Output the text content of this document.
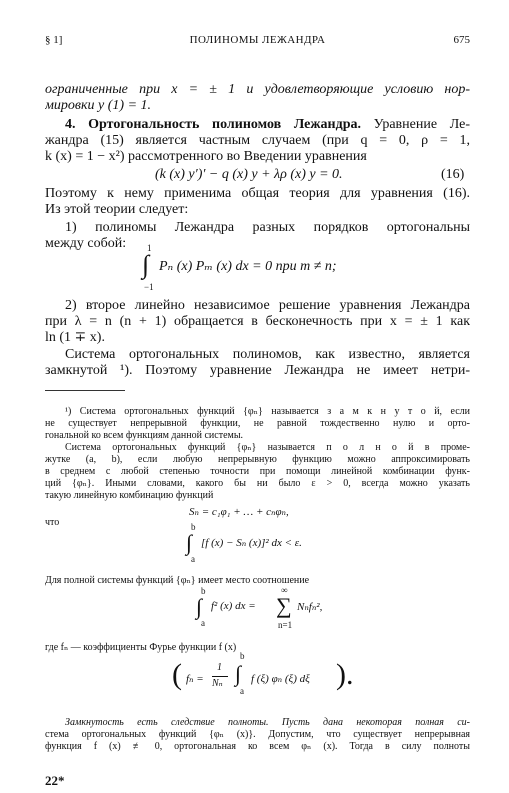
§ 1]	ПОЛИНОМЫ ЛЕЖАНДРА	675
ограниченные при x = ± 1 и удовлетворяющие условию нор-
мировки y (1) = 1.
4. Ортогональность полиномов Лежандра. Уравнение Ле-
жандра (15) является частным случаем (при q = 0, ρ = 1,
k (x) = 1 − x²) рассмотренного во Введении уравнения
(k (x) y′)′ − q (x) y + λρ (x) y = 0.	(16)
Поэтому к нему применима общая теория для уравнения (16).
Из этой теории следует:
1) полиномы Лежандра разных порядков ортогональны
между собой:	1
∫
−1
Pₙ (x) Pₘ (x) dx = 0 при m ≠ n;
2) второе линейно независимое решение уравнения Лежандра
при λ = n (n + 1) обращается в бесконечность при x = ± 1 как
ln (1 ∓ x).
Система ортогональных полиномов, как известно, является
замкнутой ¹). Поэтому уравнение Лежандра не имеет нетри-
¹) Система ортогональных функций {φₙ} называется з а м к н у т о й, если
не существует непрерывной функции, не равной тождественно нулю и орто-
гональной ко всем функциям данной системы.
Система ортогональных функций {φₙ} называется п о л н о й в проме-
жутке (a, b), если любую непрерывную функцию можно аппроксимировать
в среднем с любой степенью точности при помощи линейной комбинации функ-
ций {φₙ}. Иными словами, какого бы ни было ε > 0, всегда можно указать
такую линейную комбинацию функций
Sₙ = c₁φ₁ + … + cₙφₙ,
что	b
∫
a
[f (x) − Sₙ (x)]² dx < ε.
Для полной системы функций {φₙ} имеет место соотношение
b
∫
a
f² (x) dx =
∞
∑
n=1
Nₙfₙ²,
где fₙ — коэффициенты Фурье функции f (x)
( fₙ =
1
Nₙ
b
∫
a
f (ξ) φₙ (ξ) dξ ).
Замкнутость есть следствие полноты. Пусть дана некоторая полная си-
стема ортогональных функций {φₙ (x)}. Допустим, что существует непрерывная
функция f (x) ≢ 0, ортогональная ко всем φₙ (x). Тогда в силу полноты
22*
